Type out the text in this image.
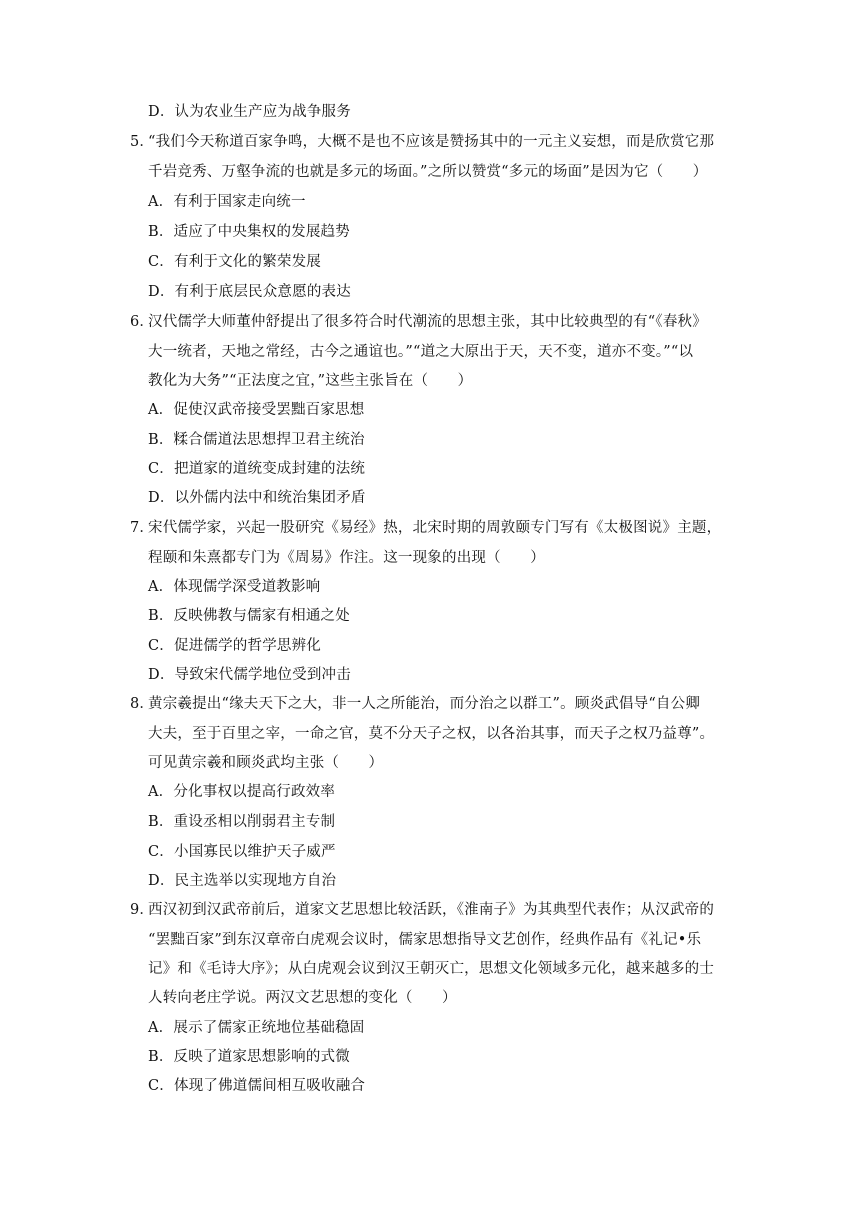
D．认为农业生产应为战争服务
5．
“我们今天称道百家争鸣，大概不是也不应该是赞扬其中的一元主义妄想，而是欣赏它那
千岩竞秀、万壑争流的也就是多元的场面。”之所以赞赏“多元的场面”是因为它（　　）
A．有利于国家走向统一
B．适应了中央集权的发展趋势
C．有利于文化的繁荣发展
D．有利于底层民众意愿的表达
6．
汉代儒学大师董仲舒提出了很多符合时代潮流的思想主张，其中比较典型的有“《春秋》
大一统者，天地之常经，古今之通谊也。”“道之大原出于天，天不变，道亦不变。”“以
教化为大务”“正法度之宜，”这些主张旨在（　　）
A．促使汉武帝接受罢黜百家思想
B．糅合儒道法思想捍卫君主统治
C．把道家的道统变成封建的法统
D．以外儒内法中和统治集团矛盾
7．
宋代儒学家，兴起一股研究《易经》热，北宋时期的周敦颐专门写有《太极图说》主题，
程颐和朱熹都专门为《周易》作注。这一现象的出现（　　）
A．体现儒学深受道教影响
B．反映佛教与儒家有相通之处
C．促进儒学的哲学思辨化
D．导致宋代儒学地位受到冲击
8．
黄宗羲提出“缘夫天下之大，非一人之所能治，而分治之以群工”。顾炎武倡导“自公卿
大夫，至于百里之宰，一命之官，莫不分天子之权，以各治其事，而天子之权乃益尊”。
可见黄宗羲和顾炎武均主张（　　）
A．分化事权以提高行政效率
B．重设丞相以削弱君主专制
C．小国寡民以维护天子威严
D．民主选举以实现地方自治
9．
西汉初到汉武帝前后，道家文艺思想比较活跃，《淮南子》为其典型代表作；从汉武帝的
“罢黜百家”到东汉章帝白虎观会议时，儒家思想指导文艺创作，经典作品有《礼记•乐
记》和《毛诗大序》；从白虎观会议到汉王朝灭亡，思想文化领域多元化，越来越多的士
人转向老庄学说。两汉文艺思想的变化（　　）
A．展示了儒家正统地位基础稳固
B．反映了道家思想影响的式微
C．体现了佛道儒间相互吸收融合
